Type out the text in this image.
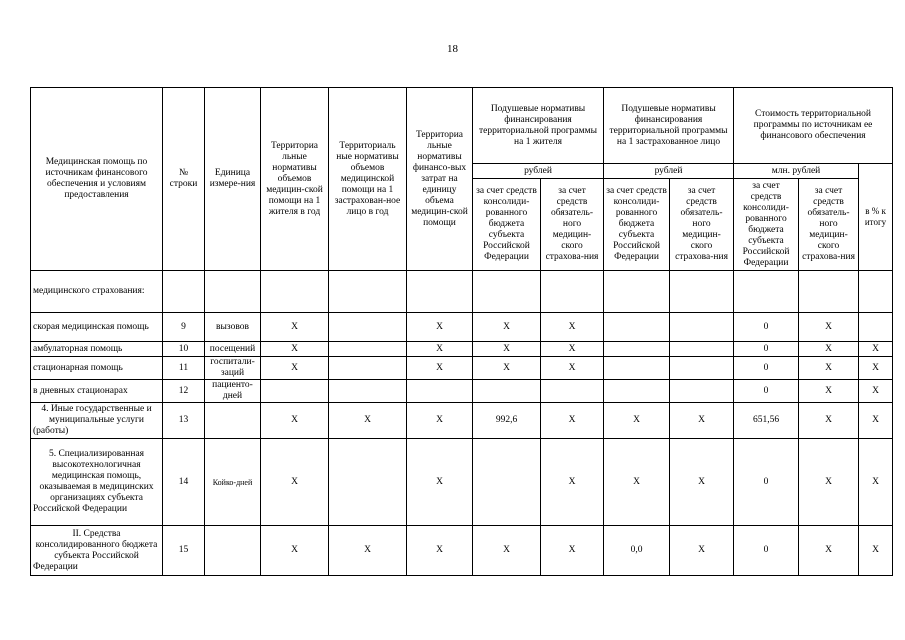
18
Медицинская помощь по источникам финансового обеспечения и условиям предоставления	№ строки	Единица измере-ния	Территориа льные нормативы объемов медицин-ской помощи на 1 жителя в год	Территориаль ные нормативы объемов медицинской помощи на 1 застрахован-ное лицо в год	Территориа льные нормативы финансо-вых затрат на единицу объема медицин-ской помощи	Подушевые нормативы финансирования территориальной программы на 1 жителя		Подушевые нормативы финансирования территориальной программы на 1 застрахованное лицо		Стоимость территориальной программы по источникам ее финансового обеспечения		
						рублей		рублей		млн. рублей		в % к итогу
						за счет средств консолиди-рованного бюджета субъекта Российской Федерации	за счет средств обязатель-ного медицин-ского страхова-ния	за счет средств консолиди-рованного бюджета субъекта Российской Федерации	за счет средств обязатель-ного медицин-ского страхова-ния	за счет средств консолиди-рованного бюджета субъекта Российской Федерации	за счет средств обязатель-ного медицин-ского страхова-ния	
медицинского страхования:												
скорая медицинская помощь	9	вызовов	Х		Х	Х	Х			0	Х	
амбулаторная помощь	10	посещений	Х		Х	Х	Х			0	Х	Х
стационарная помощь	11	госпитали-заций	Х		Х	Х	Х			0	Х	Х
в дневных стационарах	12	пациенто-дней								0	Х	Х
4. Иные государственные и муниципальные услуги (работы)	13		Х	Х	Х	992,6	Х	Х	Х	651,56	Х	Х
5. Специализированная высокотехнологичная медицинская помощь, оказываемая в медицинских организациях субъекта Российской Федерации	14	Койко-дней	Х		Х		Х	Х	Х	0	Х	Х
II. Средства консолидированного бюджета субъекта Российской Федерации	15		Х	Х	Х	Х	Х	0,0	Х	0	Х	Х
